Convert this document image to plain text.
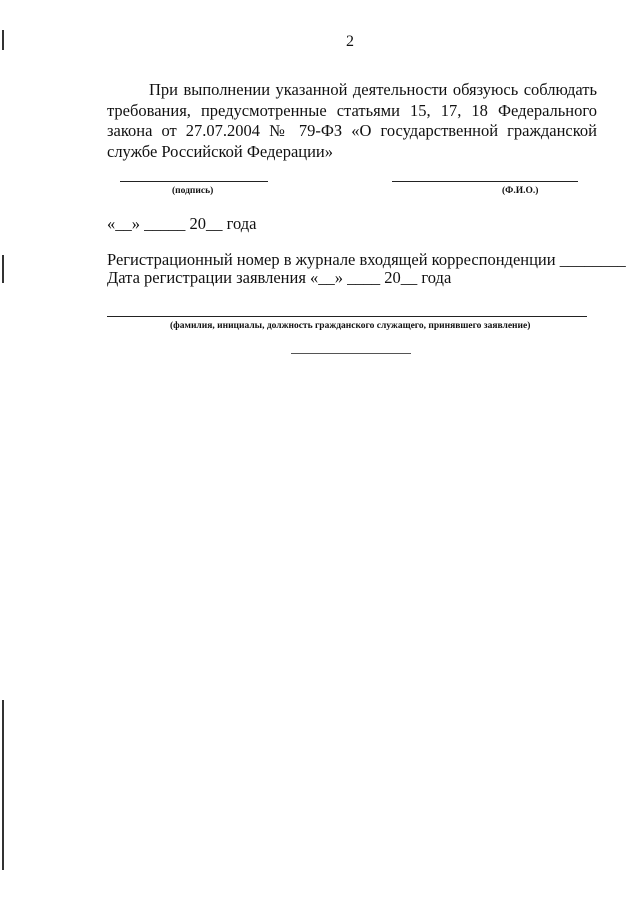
2
При выполнении указанной деятельности обязуюсь соблюдать требования, предусмотренные статьями 15, 17, 18 Федерального закона от 27.07.2004 № 79-ФЗ «О государственной гражданской службе Российской Федерации»
(подпись)	(Ф.И.О.)
«__» _____ 20__ года
Регистрационный номер в журнале входящей корреспонденции ________
Дата регистрации заявления «__» ____ 20__ года
(фамилия, инициалы, должность гражданского служащего, принявшего заявление)
